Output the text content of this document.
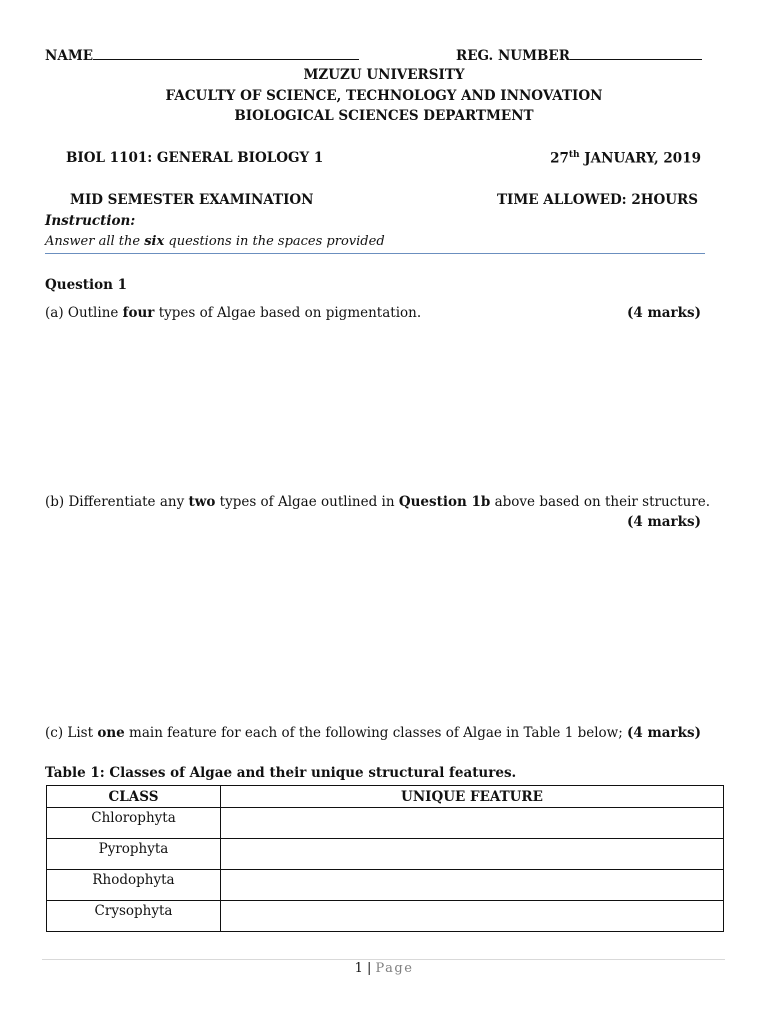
NAME	REG. NUMBER
MZUZU UNIVERSITY
FACULTY OF SCIENCE, TECHNOLOGY AND INNOVATION
BIOLOGICAL SCIENCES DEPARTMENT
BIOL 1101: GENERAL BIOLOGY 1	27th JANUARY, 2019
MID SEMESTER EXAMINATION	TIME ALLOWED: 2HOURS
Instruction:
Answer all the six questions in the spaces provided
Question 1
(a) Outline four types of Algae based on pigmentation.	(4 marks)
(b) Differentiate any two types of Algae outlined in Question 1b above based on their structure.
(4 marks)
(c) List one main feature for each of the following classes of Algae in Table 1 below; (4 marks)
Table 1: Classes of Algae and their unique structural features.
CLASS	UNIQUE FEATURE
Chlorophyta	
Pyrophyta	
Rhodophyta	
Crysophyta	
1 | Page
